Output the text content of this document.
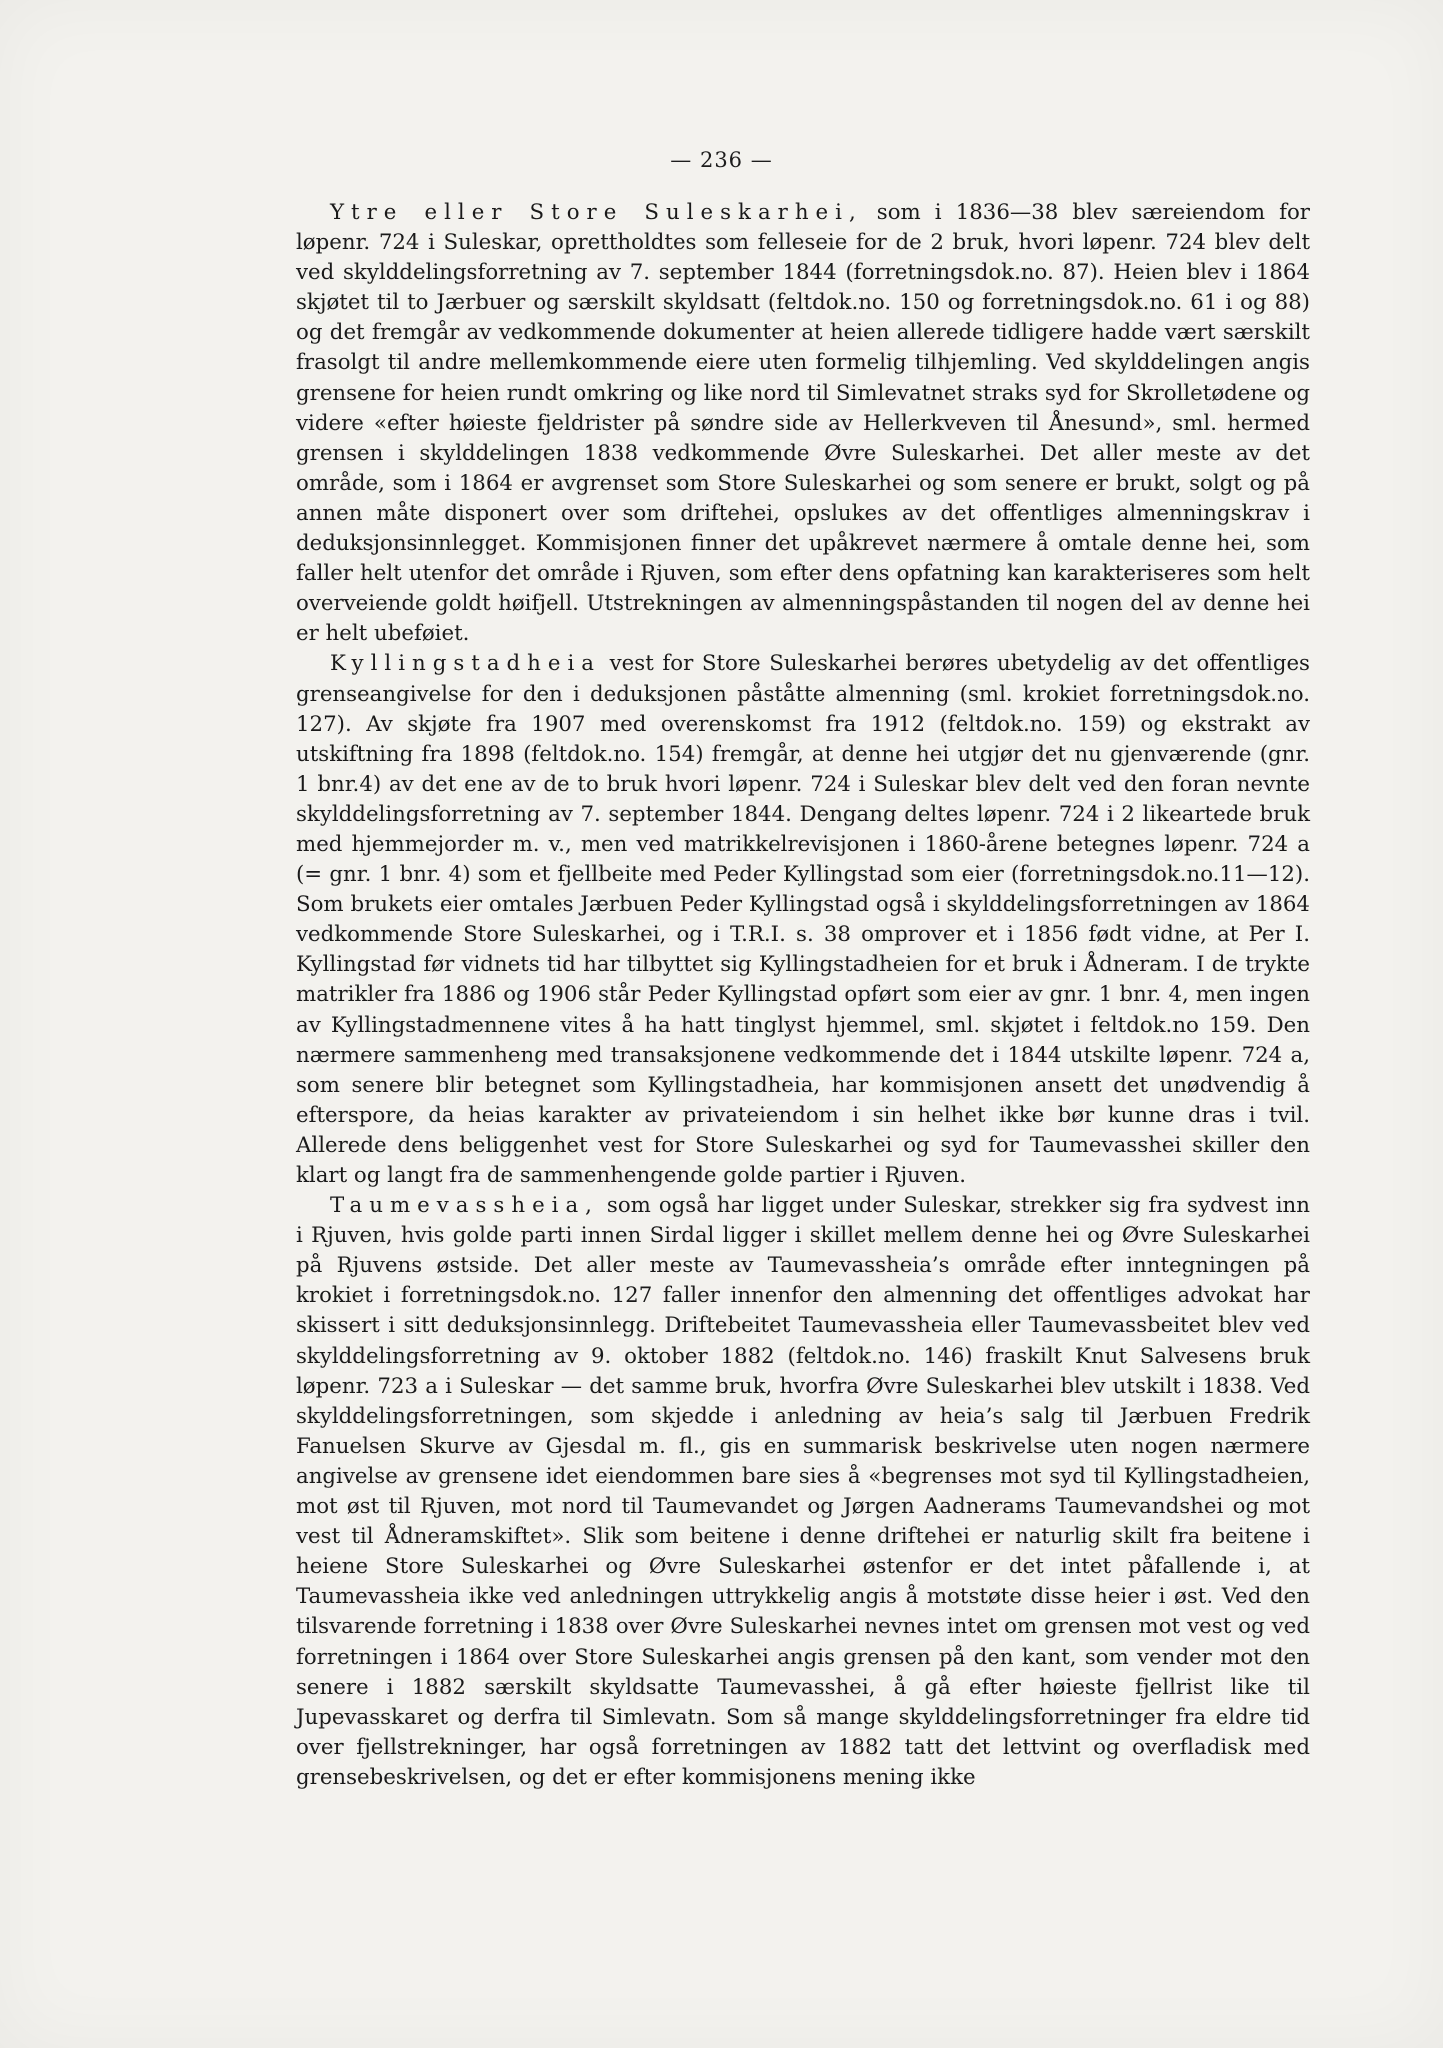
— 236 —

Ytre eller Store Suleskarhei, som i 1836—38 blev særeiendom for løpenr. 724 i Suleskar, oprettholdtes som felleseie for de 2 bruk, hvori løpenr. 724 blev delt ved skylddelingsforretning av 7. september 1844 (forretningsdok.no. 87). Heien blev i 1864 skjøtet til to Jærbuer og særskilt skyldsatt (feltdok.no. 150 og forretningsdok.no. 61 i og 88) og det fremgår av vedkommende dokumenter at heien allerede tidligere hadde vært særskilt frasolgt til andre mellemkommende eiere uten formelig tilhjemling. Ved skylddelingen angis grensene for heien rundt omkring og like nord til Simlevatnet straks syd for Skrolletødene og videre «efter høieste fjeldrister på søndre side av Hellerkveven til Ånesund», sml. hermed grensen i skylddelingen 1838 vedkommende Øvre Suleskarhei. Det aller meste av det område, som i 1864 er avgrenset som Store Suleskarhei og som senere er brukt, solgt og på annen måte disponert over som driftehei, opslukes av det offentliges almenningskrav i deduksjonsinnlegget. Kommisjonen finner det upåkrevet nærmere å omtale denne hei, som faller helt utenfor det område i Rjuven, som efter dens opfatning kan karakteriseres som helt overveiende goldt høifjell. Utstrekningen av almenningspåstanden til nogen del av denne hei er helt ubeføiet.

Kyllingstadheia vest for Store Suleskarhei berøres ubetydelig av det offentliges grenseangivelse for den i deduksjonen påståtte almenning (sml. krokiet forretningsdok.no. 127). Av skjøte fra 1907 med overenskomst fra 1912 (feltdok.no. 159) og ekstrakt av utskiftning fra 1898 (feltdok.no. 154) fremgår, at denne hei utgjør det nu gjenværende (gnr. 1 bnr.4) av det ene av de to bruk hvori løpenr. 724 i Suleskar blev delt ved den foran nevnte skylddelingsforretning av 7. september 1844. Dengang deltes løpenr. 724 i 2 likeartede bruk med hjemmejorder m. v., men ved matrikkelrevisjonen i 1860-årene betegnes løpenr. 724 a (= gnr. 1 bnr. 4) som et fjellbeite med Peder Kyllingstad som eier (forretningsdok.no.11—12). Som brukets eier omtales Jærbuen Peder Kyllingstad også i skylddelingsforretningen av 1864 vedkommende Store Suleskarhei, og i T.R.I. s. 38 omprover et i 1856 født vidne, at Per I. Kyllingstad før vidnets tid har tilbyttet sig Kyllingstadheien for et bruk i Ådneram. I de trykte matrikler fra 1886 og 1906 står Peder Kyllingstad opført som eier av gnr. 1 bnr. 4, men ingen av Kyllingstadmennene vites å ha hatt tinglyst hjemmel, sml. skjøtet i feltdok.no 159. Den nærmere sammenheng med transaksjonene vedkommende det i 1844 utskilte løpenr. 724 a, som senere blir betegnet som Kyllingstadheia, har kommisjonen ansett det unødvendig å efterspore, da heias karakter av privateiendom i sin helhet ikke bør kunne dras i tvil. Allerede dens beliggenhet vest for Store Suleskarhei og syd for Taumevasshei skiller den klart og langt fra de sammenhengende golde partier i Rjuven.

Taumevassheia, som også har ligget under Suleskar, strekker sig fra sydvest inn i Rjuven, hvis golde parti innen Sirdal ligger i skillet mellem denne hei og Øvre Suleskarhei på Rjuvens østside. Det aller meste av Taumevassheia’s område efter inntegningen på krokiet i forretningsdok.no. 127 faller innenfor den almenning det offentliges advokat har skissert i sitt deduksjonsinnlegg. Driftebeitet Taumevassheia eller Taumevassbeitet blev ved skylddelingsforretning av 9. oktober 1882 (feltdok.no. 146) fraskilt Knut Salvesens bruk løpenr. 723 a i Suleskar — det samme bruk, hvorfra Øvre Suleskarhei blev utskilt i 1838. Ved skylddelingsforretningen, som skjedde i anledning av heia’s salg til Jærbuen Fredrik Fanuelsen Skurve av Gjesdal m. fl., gis en summarisk beskrivelse uten nogen nærmere angivelse av grensene idet eiendommen bare sies å «begrenses mot syd til Kyllingstadheien, mot øst til Rjuven, mot nord til Taumevandet og Jørgen Aadnerams Taumevandshei og mot vest til Ådneramskiftet». Slik som beitene i denne driftehei er naturlig skilt fra beitene i heiene Store Suleskarhei og Øvre Suleskarhei østenfor er det intet påfallende i, at Taumevassheia ikke ved anledningen uttrykkelig angis å motstøte disse heier i øst. Ved den tilsvarende forretning i 1838 over Øvre Suleskarhei nevnes intet om grensen mot vest og ved forretningen i 1864 over Store Suleskarhei angis grensen på den kant, som vender mot den senere i 1882 særskilt skyldsatte Taumevasshei, å gå efter høieste fjellrist like til Jupevasskaret og derfra til Simlevatn. Som så mange skylddelingsforretninger fra eldre tid over fjellstrekninger, har også forretningen av 1882 tatt det lettvint og overfladisk med grensebeskrivelsen, og det er efter kommisjonens mening ikke
